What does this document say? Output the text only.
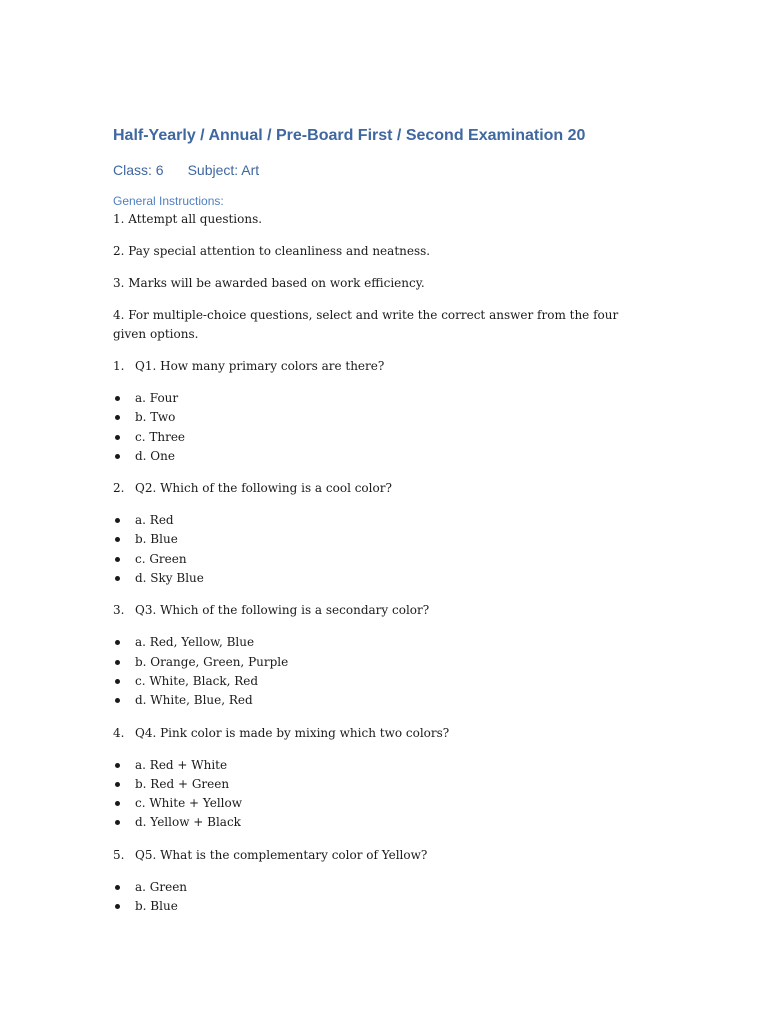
Half-Yearly / Annual / Pre-Board First / Second Examination 20
Class: 6 Subject: Art
General Instructions:

1. Attempt all questions.

2. Pay special attention to cleanliness and neatness.

3. Marks will be awarded based on work efficiency.

4. For multiple-choice questions, select and write the correct answer from the four given options.

1. Q1. How many primary colors are there?
a. Four
b. Two
c. Three
d. One
2. Q2. Which of the following is a cool color?
a. Red
b. Blue
c. Green
d. Sky Blue
3. Q3. Which of the following is a secondary color?
a. Red, Yellow, Blue
b. Orange, Green, Purple
c. White, Black, Red
d. White, Blue, Red
4. Q4. Pink color is made by mixing which two colors?
a. Red + White
b. Red + Green
c. White + Yellow
d. Yellow + Black
5. Q5. What is the complementary color of Yellow?
a. Green
b. Blue
